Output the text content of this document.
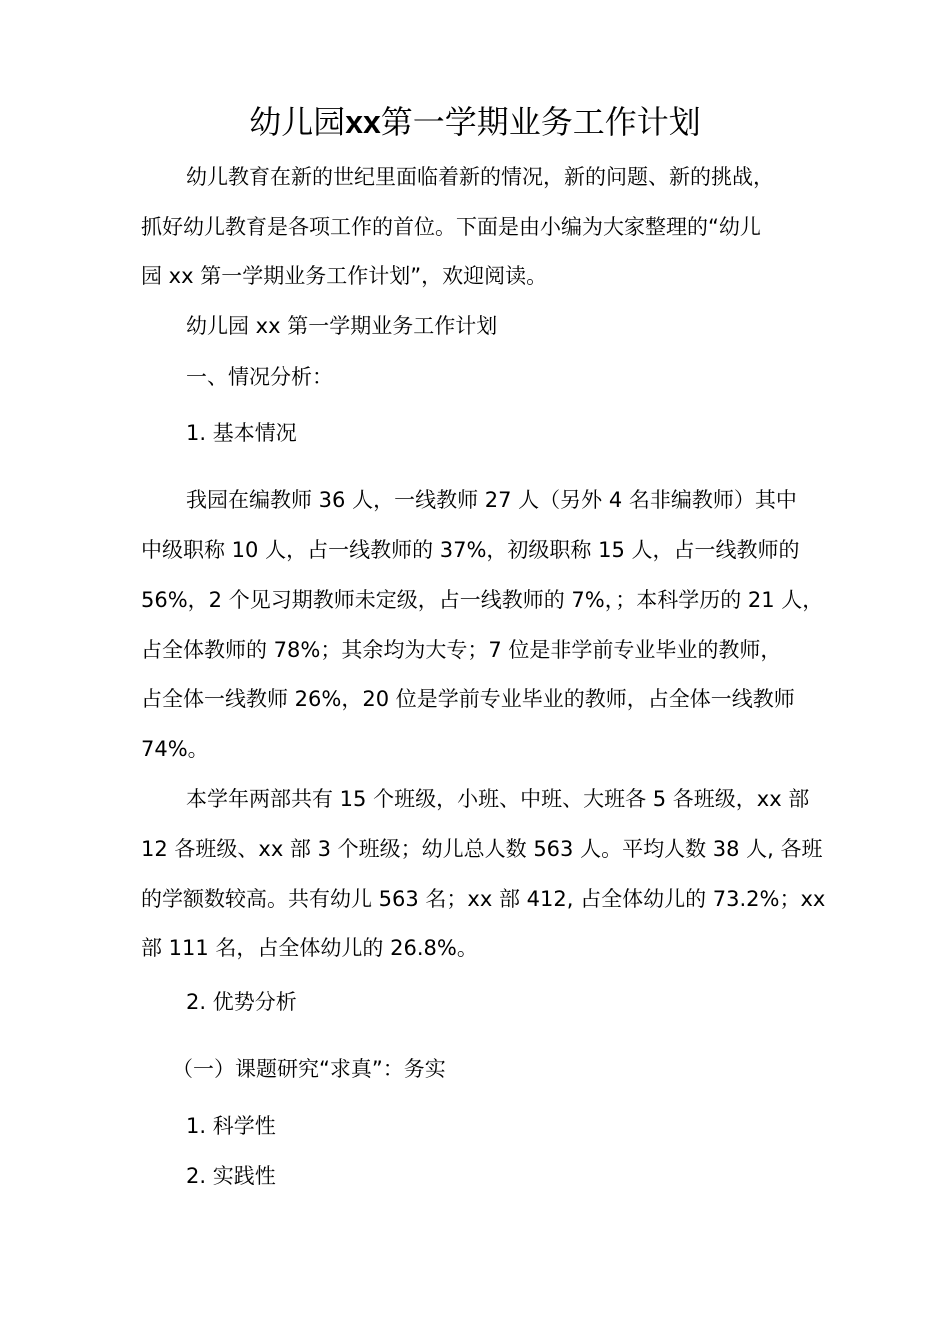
幼儿园xx第一学期业务工作计划
幼儿教育在新的世纪里面临着新的情况，新的问题、新的挑战，
抓好幼儿教育是各项工作的首位。下面是由小编为大家整理的“幼儿
园 xx 第一学期业务工作计划”，欢迎阅读。
幼儿园 xx 第一学期业务工作计划
一、情况分析：
1. 基本情况
我园在编教师 36 人，一线教师 27 人（另外 4 名非编教师）其中
中级职称 10 人，占一线教师的 37%，初级职称 15 人，占一线教师的
56%，2 个见习期教师未定级，占一线教师的 7%，；本科学历的 21 人，
占全体教师的 78%；其余均为大专；7 位是非学前专业毕业的教师，
占全体一线教师 26%，20 位是学前专业毕业的教师，占全体一线教师
74%。
本学年两部共有 15 个班级，小班、中班、大班各 5 各班级，xx 部
12 各班级、xx 部 3 个班级；幼儿总人数 563 人。平均人数 38 人, 各班
的学额数较高。共有幼儿 563 名；xx 部 412, 占全体幼儿的 73.2%；xx
部 111 名，占全体幼儿的 26.8%。
2. 优势分析
（一）课题研究“求真”：务实
1. 科学性
2. 实践性
